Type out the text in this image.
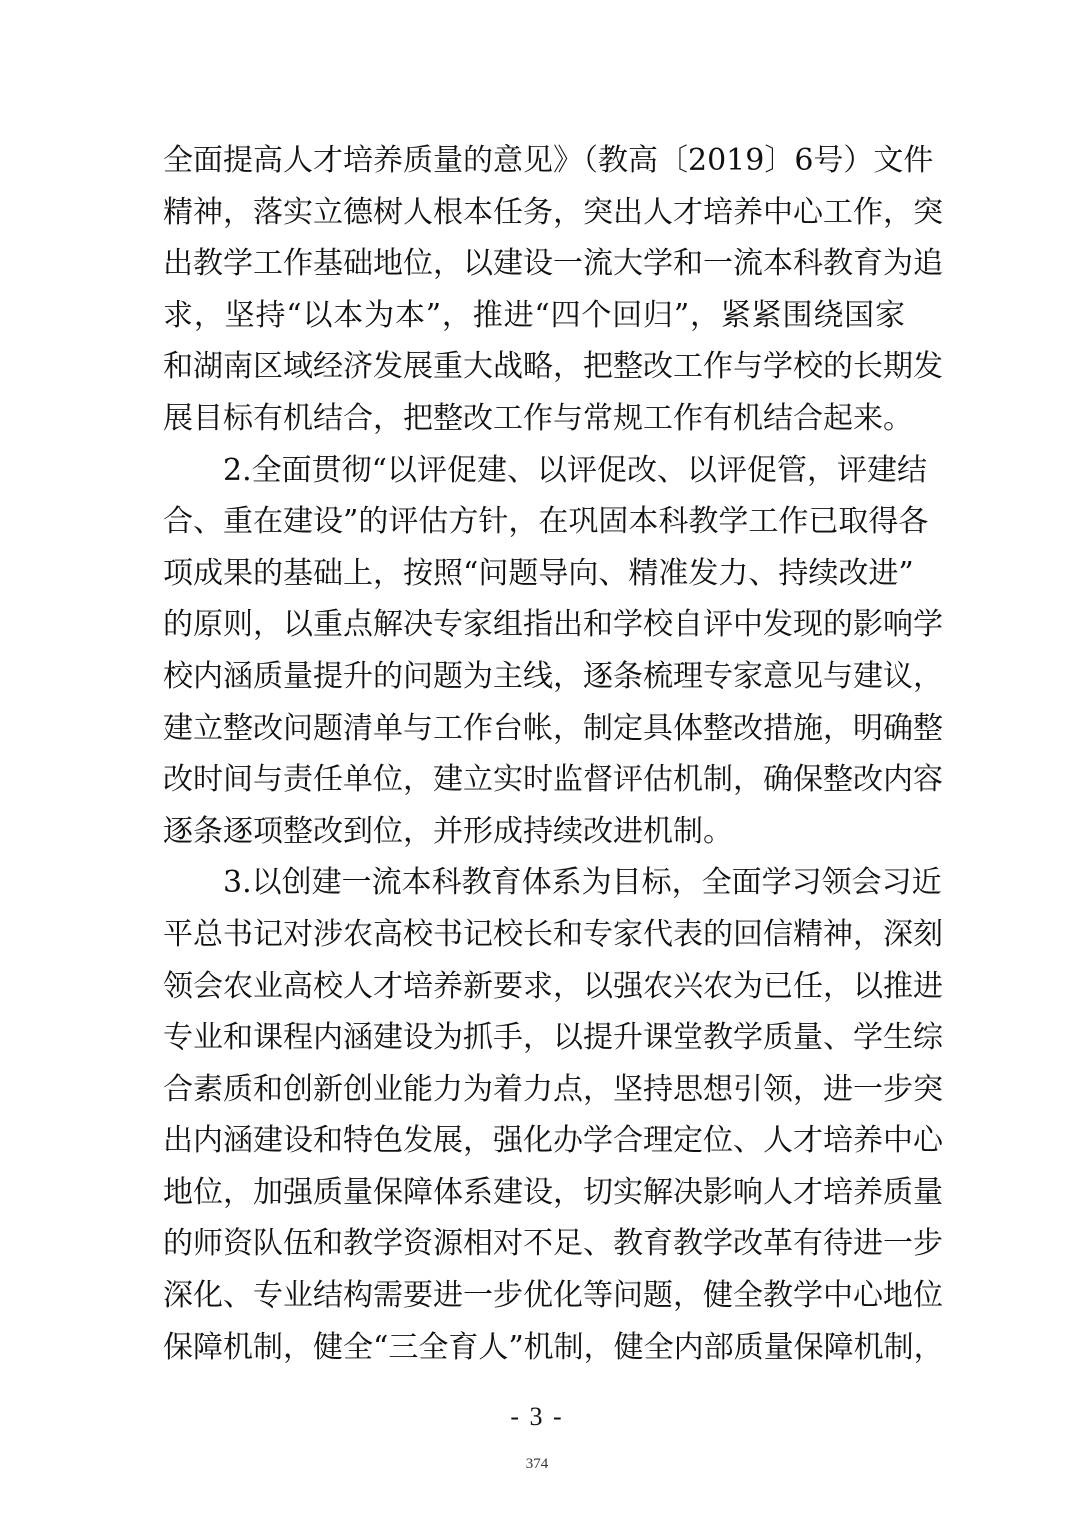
全面提高人才培养质量的意见》（教高〔2019〕6号）文件
精神，落实立德树人根本任务，突出人才培养中心工作，突
出教学工作基础地位，以建设一流大学和一流本科教育为追
求，坚持“以本为本”，推进“四个回归”，紧紧围绕国家
和湖南区域经济发展重大战略，把整改工作与学校的长期发
展目标有机结合，把整改工作与常规工作有机结合起来。
　　2.全面贯彻“以评促建、以评促改、以评促管，评建结
合、重在建设”的评估方针，在巩固本科教学工作已取得各
项成果的基础上，按照“问题导向、精准发力、持续改进”
的原则，以重点解决专家组指出和学校自评中发现的影响学
校内涵质量提升的问题为主线，逐条梳理专家意见与建议，
建立整改问题清单与工作台帐，制定具体整改措施，明确整
改时间与责任单位，建立实时监督评估机制，确保整改内容
逐条逐项整改到位，并形成持续改进机制。
　　3.以创建一流本科教育体系为目标，全面学习领会习近
平总书记对涉农高校书记校长和专家代表的回信精神，深刻
领会农业高校人才培养新要求，以强农兴农为已任，以推进
专业和课程内涵建设为抓手，以提升课堂教学质量、学生综
合素质和创新创业能力为着力点，坚持思想引领，进一步突
出内涵建设和特色发展，强化办学合理定位、人才培养中心
地位，加强质量保障体系建设，切实解决影响人才培养质量
的师资队伍和教学资源相对不足、教育教学改革有待进一步
深化、专业结构需要进一步优化等问题，健全教学中心地位
保障机制，健全“三全育人”机制，健全内部质量保障机制，
- 3 -
374
